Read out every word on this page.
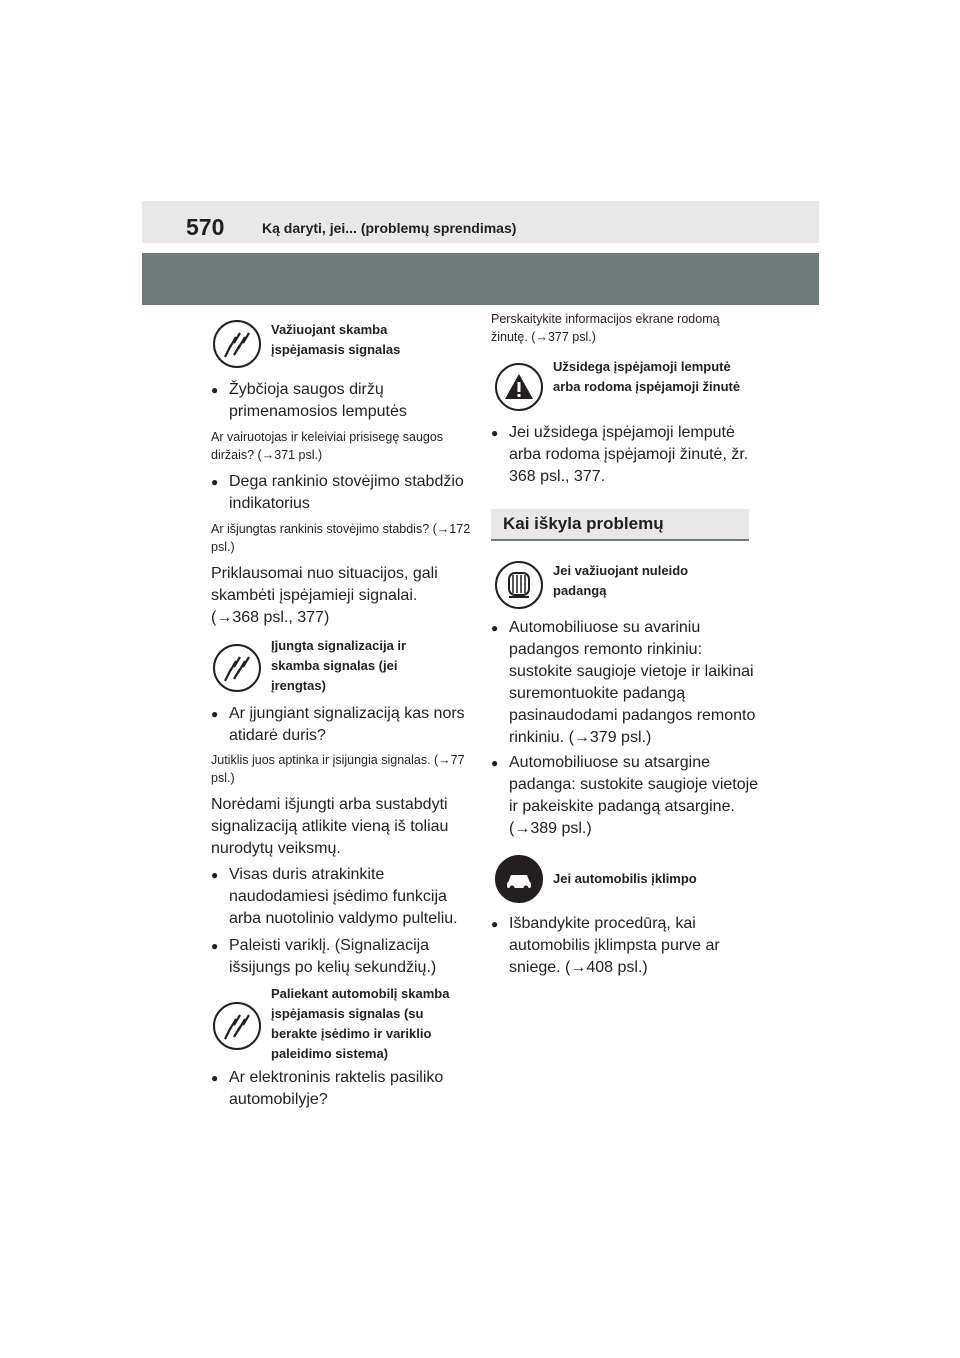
570	Ką daryti, jei... (problemų sprendimas)
Važiuojant skamba įspėjamasis signalas
● Žybčioja saugos diržų primenamosios lemputės
Ar vairuotojas ir keleiviai prisisegę saugos diržais? (→371 psl.)
● Dega rankinio stovėjimo stabdžio indikatorius
Ar išjungtas rankinis stovėjimo stabdis? (→172 psl.)
Priklausomai nuo situacijos, gali skambėti įspėjamieji signalai. (→368 psl., 377)
Įjungta signalizacija ir skamba signalas (jei įrengtas)
● Ar įjungiant signalizaciją kas nors atidarė duris?
Jutiklis juos aptinka ir įsijungia signalas. (→77 psl.)
Norėdami išjungti arba sustabdyti signalizaciją atlikite vieną iš toliau nurodytų veiksmų.
● Visas duris atrakinkite naudodamiesi įsėdimo funkcija arba nuotolinio valdymo pulteliu.
● Paleisti variklį. (Signalizacija išsijungs po kelių sekundžių.)
Paliekant automobilį skamba įspėjamasis signalas (su berakte įsėdimo ir variklio paleidimo sistema)
● Ar elektroninis raktelis pasiliko automobilyje?
Perskaitykite informacijos ekrane rodomą žinutę. (→377 psl.)
Užsidega įspėjamoji lemputė arba rodoma įspėjamoji žinutė
● Jei užsidega įspėjamoji lemputė arba rodoma įspėjamoji žinutė, žr. 368 psl., 377.
Kai iškyla problemų
Jei važiuojant nuleido padangą
● Automobiliuose su avariniu padangos remonto rinkiniu: sustokite saugioje vietoje ir laikinai suremontuokite padangą pasinaudodami padangos remonto rinkiniu. (→379 psl.)
● Automobiliuose su atsargine padanga: sustokite saugioje vietoje ir pakeiskite padangą atsargine. (→389 psl.)
Jei automobilis įklimpo
● Išbandykite procedūrą, kai automobilis įklimpsta purve ar sniege. (→408 psl.)
